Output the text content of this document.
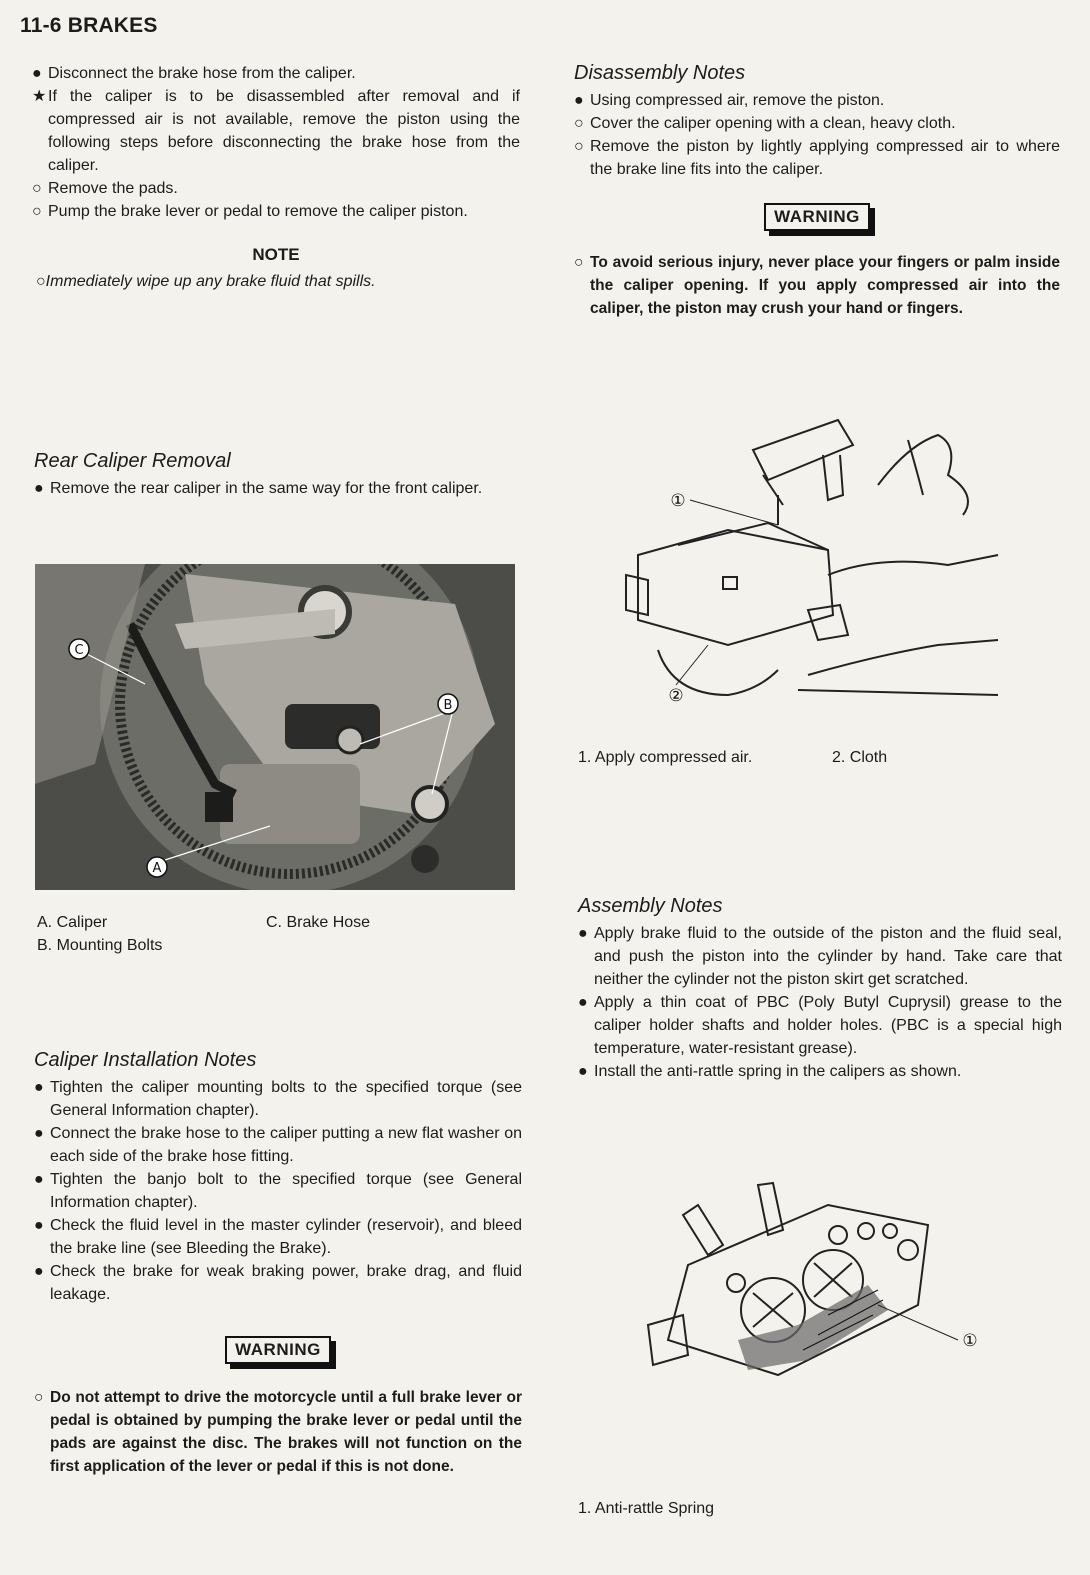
11-6 BRAKES
● Disconnect the brake hose from the caliper.
★ If the caliper is to be disassembled after removal and if compressed air is not available, remove the piston using the following steps before disconnecting the brake hose from the caliper.
○ Remove the pads.
○ Pump the brake lever or pedal to remove the caliper piston.
NOTE
○Immediately wipe up any brake fluid that spills.
Rear Caliper Removal
● Remove the rear caliper in the same way for the front caliper.
C
B
A
A. Caliper
B. Mounting Bolts
C. Brake Hose
Caliper Installation Notes
● Tighten the caliper mounting bolts to the specified torque (see General Information chapter).
● Connect the brake hose to the caliper putting a new flat washer on each side of the brake hose fitting.
● Tighten the banjo bolt to the specified torque (see General Information chapter).
● Check the fluid level in the master cylinder (reservoir), and bleed the brake line (see Bleeding the Brake).
● Check the brake for weak braking power, brake drag, and fluid leakage.
WARNING
○ Do not attempt to drive the motorcycle until a full brake lever or pedal is obtained by pumping the brake lever or pedal until the pads are against the disc. The brakes will not function on the first application of the lever or pedal if this is not done.
Disassembly Notes
● Using compressed air, remove the piston.
○ Cover the caliper opening with a clean, heavy cloth.
○ Remove the piston by lightly applying compressed air to where the brake line fits into the caliper.
WARNING
○ To avoid serious injury, never place your fingers or palm inside the caliper opening. If you apply compressed air into the caliper, the piston may crush your hand or fingers.
①
②
1. Apply compressed air.	2. Cloth
Assembly Notes
● Apply brake fluid to the outside of the piston and the fluid seal, and push the piston into the cylinder by hand. Take care that neither the cylinder not the piston skirt get scratched.
● Apply a thin coat of PBC (Poly Butyl Cuprysil) grease to the caliper holder shafts and holder holes. (PBC is a special high temperature, water-resistant grease).
● Install the anti-rattle spring in the calipers as shown.
①
1. Anti-rattle Spring
